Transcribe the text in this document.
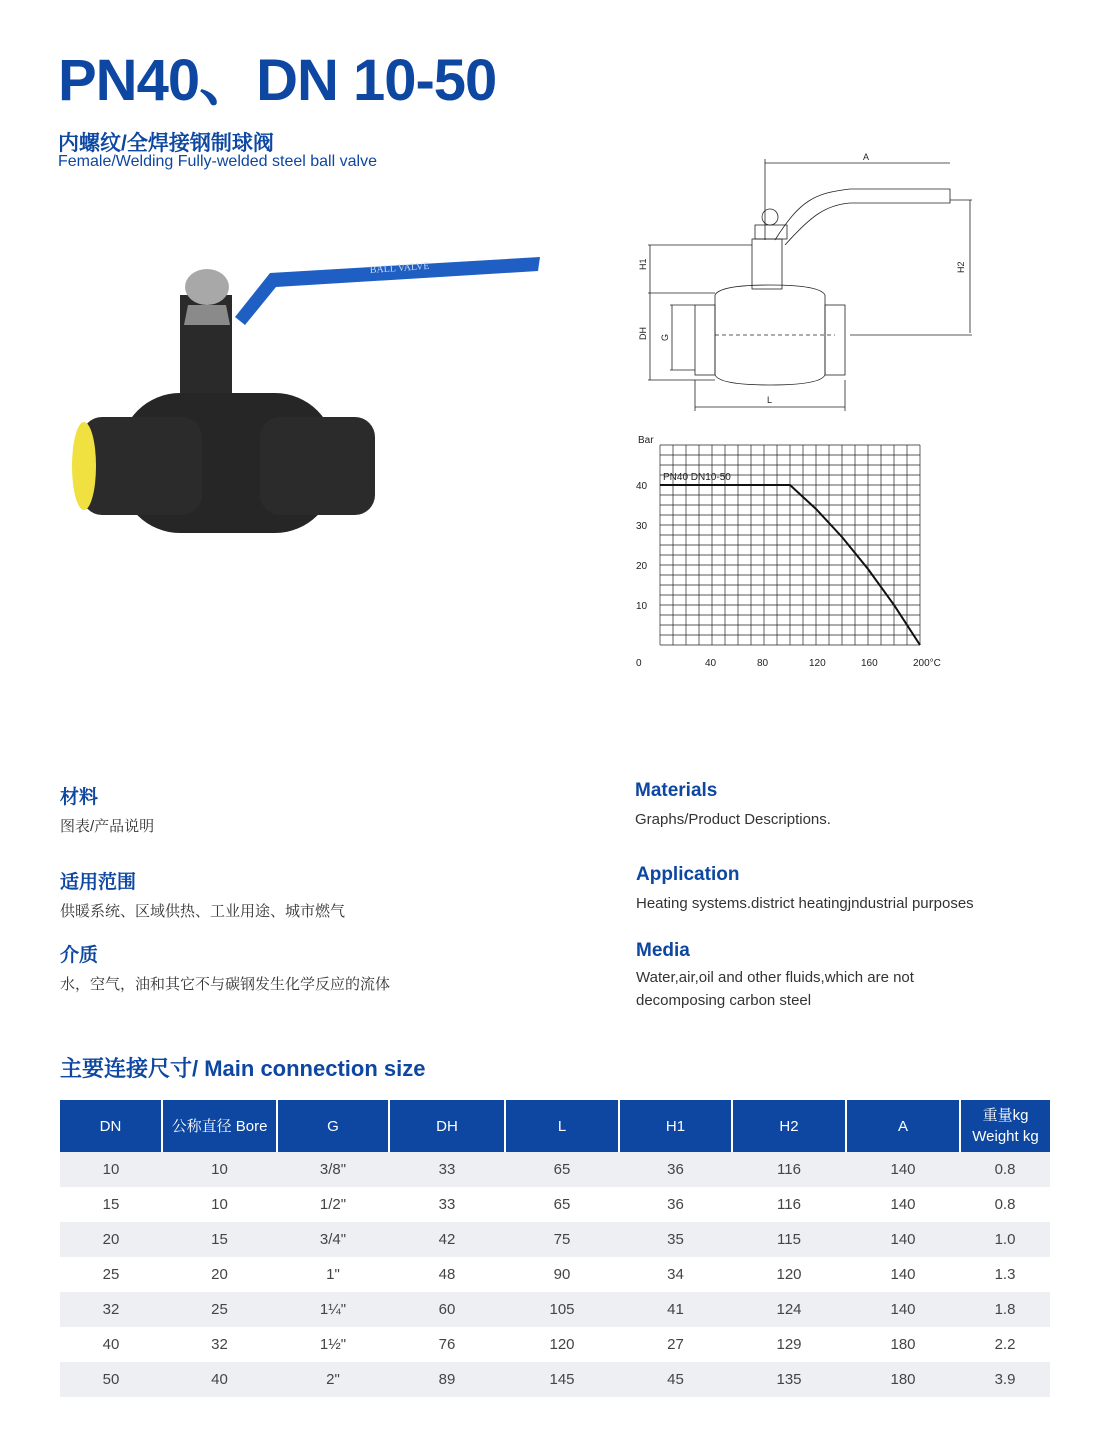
PN40、DN 10-50
内螺纹/全焊接钢制球阀
Female/Welding Fully-welded steel ball valve
BALL VALVE
A
H1	H2
DH G
L
Bar
PN40 DN10-50
10
20
30
40
0	40	80	120	160	200°C
材料
图表/产品说明
适用范围
供暖系统、区域供热、工业用途、城市燃气
介质
水，空气，油和其它不与碳钢发生化学反应的流体
Materials
Graphs/Product Descriptions.
Application
Heating systems.district heatingjndustrial purposes
Media
Water,air,oil and other fluids,which are not decomposing carbon steel
主要连接尺寸/ Main connection size
DN	公称直径 Bore	G	DH	L	H1	H2	A	重量kg Weight kg
10	10	3/8"	33	65	36	116	140	0.8
15	10	1/2"	33	65	36	116	140	0.8
20	15	3/4"	42	75	35	115	140	1.0
25	20	1"	48	90	34	120	140	1.3
32	25	1¼"	60	105	41	124	140	1.8
40	32	1½"	76	120	27	129	180	2.2
50	40	2"	89	145	45	135	180	3.9
